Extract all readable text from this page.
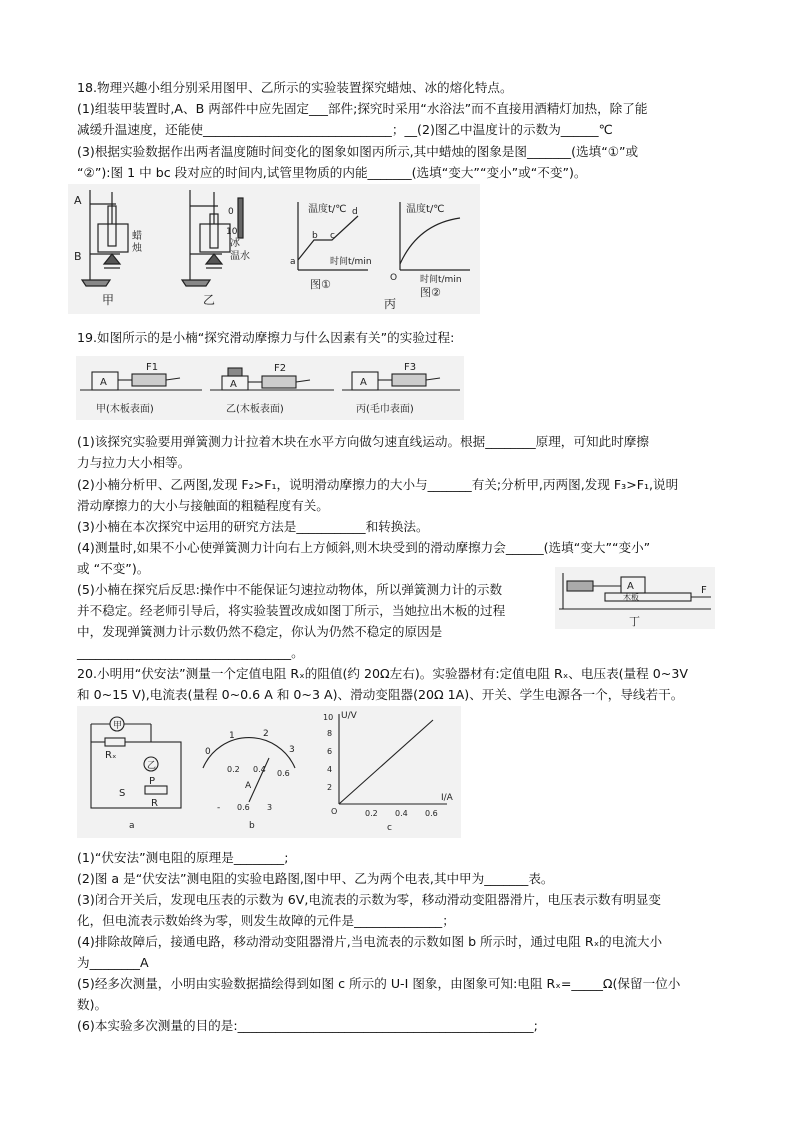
18.物理兴趣小组分别采用图甲、乙所示的实验装置探究蜡烛、冰的熔化特点。
(1)组装甲装置时,A、B 两部件中应先固定___部件;探究时采用“水浴法”而不直接用酒精灯加热，除了能
减缓升温速度，还能使______________________________；__(2)图乙中温度计的示数为______℃
(3)根据实验数据作出两者温度随时间变化的图象如图丙所示,其中蜡烛的图象是图_______(选填“①”或
“②”):图 1 中 bc 段对应的时间内,试管里物质的内能_______(选填“变大”“变小”或“不变”)。
A
B
蜡
烛
甲
0
10
冰
温水
乙
温度t/℃
时间t/min
a
b c
d
图①
温度t/℃
O	时间t/min
图②
丙
19.如图所示的是小楠“探究滑动摩擦力与什么因素有关”的实验过程:
A
F1
甲(木板表面)
A
F2
乙(木板表面)
A
F3
丙(毛巾表面)
(1)该探究实验要用弹簧测力计拉着木块在水平方向做匀速直线运动。根据________原理，可知此时摩擦
力与拉力大小相等。
(2)小楠分析甲、乙两图,发现 F₂>F₁，说明滑动摩擦力的大小与_______有关;分析甲,丙两图,发现 F₃>F₁,说明
滑动摩擦力的大小与接触面的粗糙程度有关。
(3)小楠在本次探究中运用的研究方法是___________和转换法。
(4)测量时,如果不小心使弹簧测力计向右上方倾斜,则木块受到的滑动摩擦力会______(选填“变大”“变小”
或 “不变”)。
(5)小楠在探究后反思:操作中不能保证匀速拉动物体，所以弹簧测力计的示数
并不稳定。经老师引导后，将实验装置改成如图丁所示，当她拉出木板的过程
中，发现弹簧测力计示数仍然不稳定，你认为仍然不稳定的原因是
__________________________________。
A
木板
F
丁
20.小明用“伏安法”测量一个定值电阻 Rₓ的阻值(约 20Ω左右)。实验器材有:定值电阻 Rₓ、电压表(量程 0~3V
和 0~15 V),电流表(量程 0~0.6 A 和 0~3 A)、滑动变阻器(20Ω 1A)、开关、学生电源各一个，导线若干。
甲
乙
Rₓ
S
P
R
a
0
1	2
3
0.2 0.4 0.6
A
- 0.6 3
b
U/V
I/A
O
2
4
6
8
10
0.2 0.4 0.6
c
(1)“伏安法”测电阻的原理是________;
(2)图 a 是“伏安法”测电阻的实验电路图,图中甲、乙为两个电表,其中甲为_______表。
(3)闭合开关后，发现电压表的示数为 6V,电流表的示数为零，移动滑动变阻器滑片，电压表示数有明显变
化，但电流表示数始终为零，则发生故障的元件是______________；
(4)排除故障后，接通电路，移动滑动变阻器滑片,当电流表的示数如图 b 所示时，通过电阻 Rₓ的电流大小
为________A
(5)经多次测量，小明由实验数据描绘得到如图 c 所示的 U-I 图象，由图象可知:电阻 Rₓ=_____Ω(保留一位小
数)。
(6)本实验多次测量的目的是:_______________________________________________;
